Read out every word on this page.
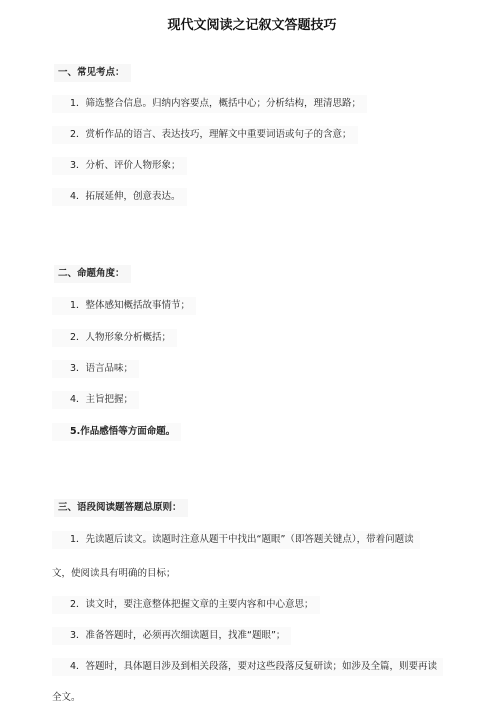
现代文阅读之记叙文答题技巧
一、常见考点：
1．筛选整合信息。归纳内容要点，概括中心；分析结构，理清思路；
2．赏析作品的语言、表达技巧，理解文中重要词语或句子的含意；
3．分析、评价人物形象；
4．拓展延伸，创意表达。
二、命题角度：
1．整体感知概括故事情节；
2．人物形象分析概括；
3．语言品味；
4．主旨把握；
5.作品感悟等方面命题。
三、语段阅读题答题总原则：
1．先读题后读文。读题时注意从题干中找出“题眼”（即答题关键点），带着问题读
文，使阅读具有明确的目标；
2．读文时，要注意整体把握文章的主要内容和中心意思；
3．准备答题时，必须再次细读题目，找准“题眼”；
4．答题时，具体题目涉及到相关段落，要对这些段落反复研读；如涉及全篇，则要再读
全文。
